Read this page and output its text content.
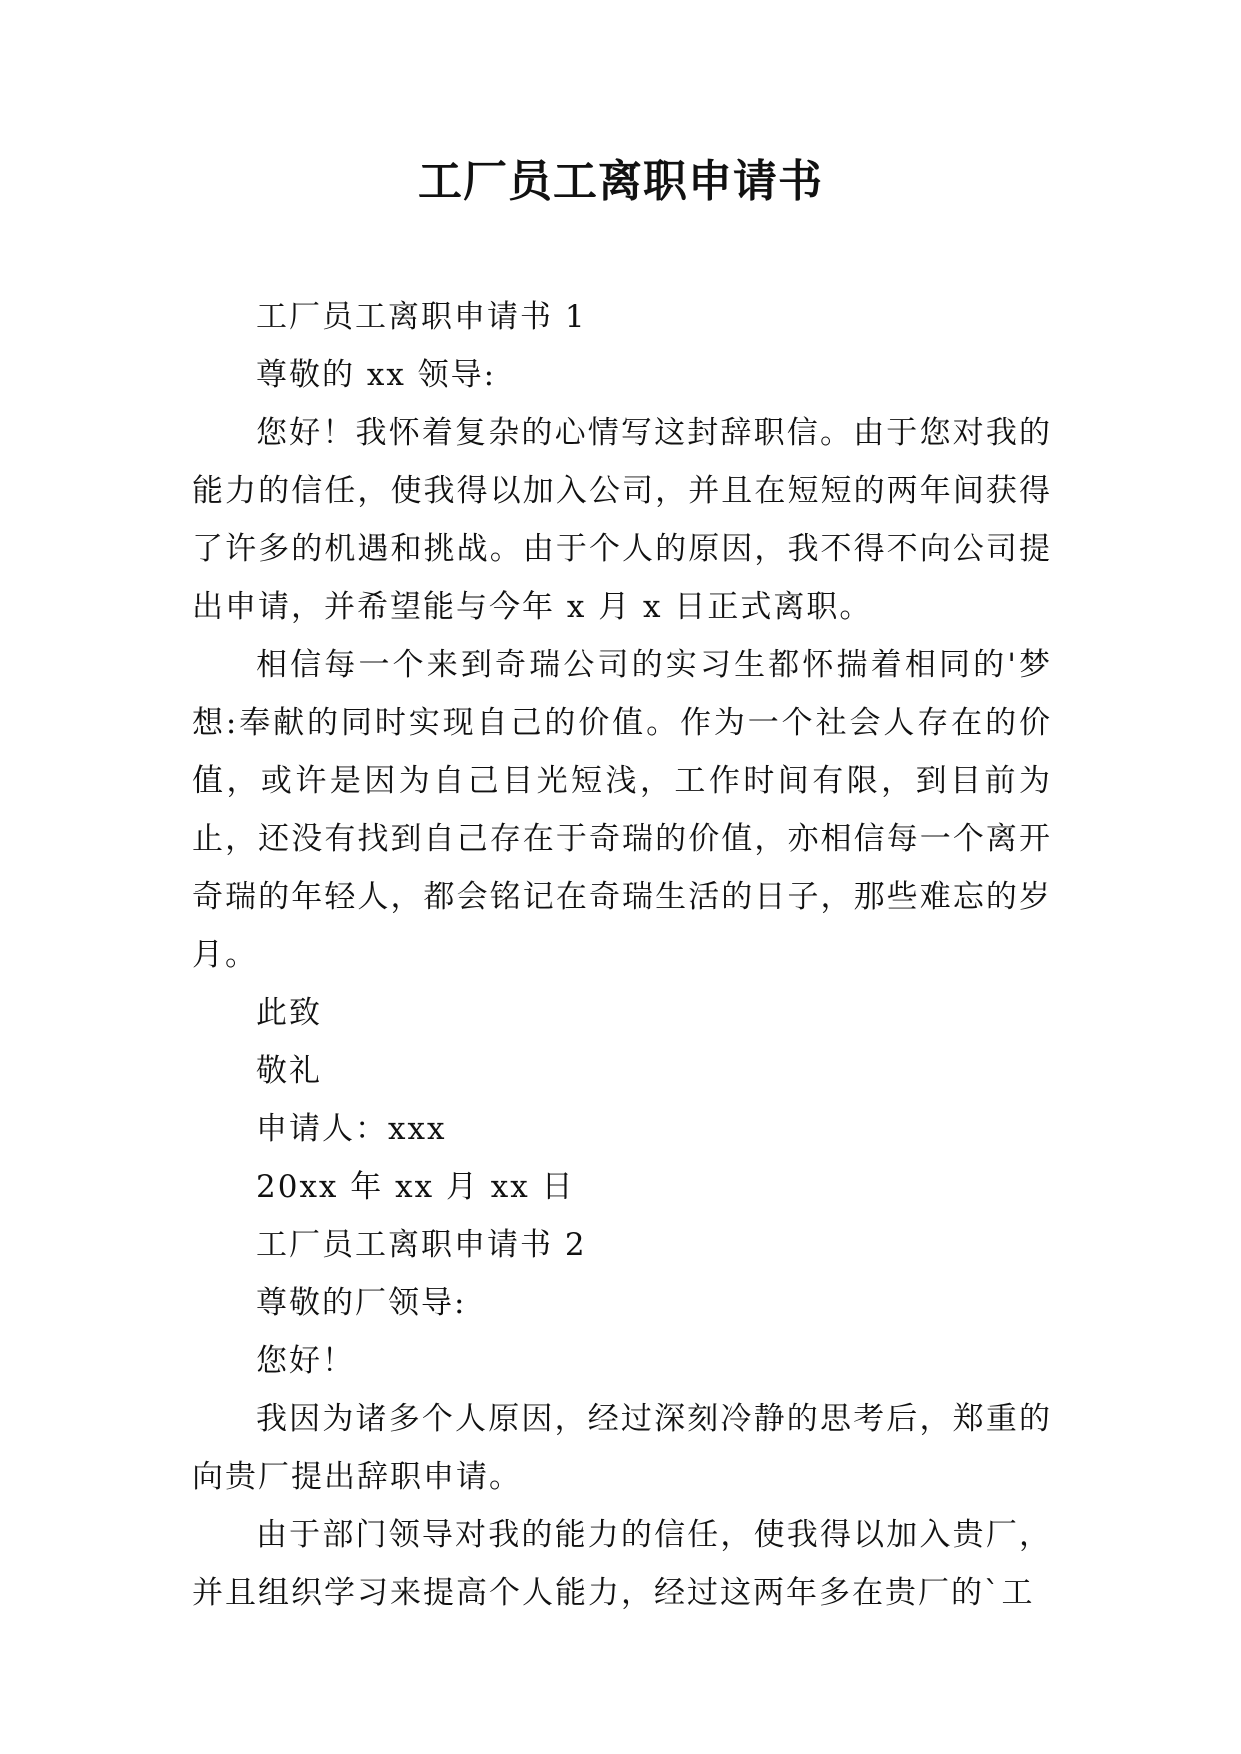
工厂员工离职申请书

工厂员工离职申请书 1

尊敬的 xx 领导:

您好！我怀着复杂的心情写这封辞职信。由于您对我的能力的信任，使我得以加入公司，并且在短短的两年间获得了许多的机遇和挑战。由于个人的原因，我不得不向公司提出申请，并希望能与今年 x 月 x 日正式离职。

相信每一个来到奇瑞公司的实习生都怀揣着相同的'梦想:奉献的同时实现自己的价值。作为一个社会人存在的价值，或许是因为自己目光短浅，工作时间有限，到目前为止，还没有找到自己存在于奇瑞的价值，亦相信每一个离开奇瑞的年轻人，都会铭记在奇瑞生活的日子，那些难忘的岁月。

此致

敬礼

申请人：xxx

20xx 年 xx 月 xx 日

工厂员工离职申请书 2

尊敬的厂领导:

您好！

我因为诸多个人原因，经过深刻冷静的思考后，郑重的向贵厂提出辞职申请。

由于部门领导对我的能力的信任，使我得以加入贵厂，并且组织学习来提高个人能力，经过这两年多在贵厂的`工
